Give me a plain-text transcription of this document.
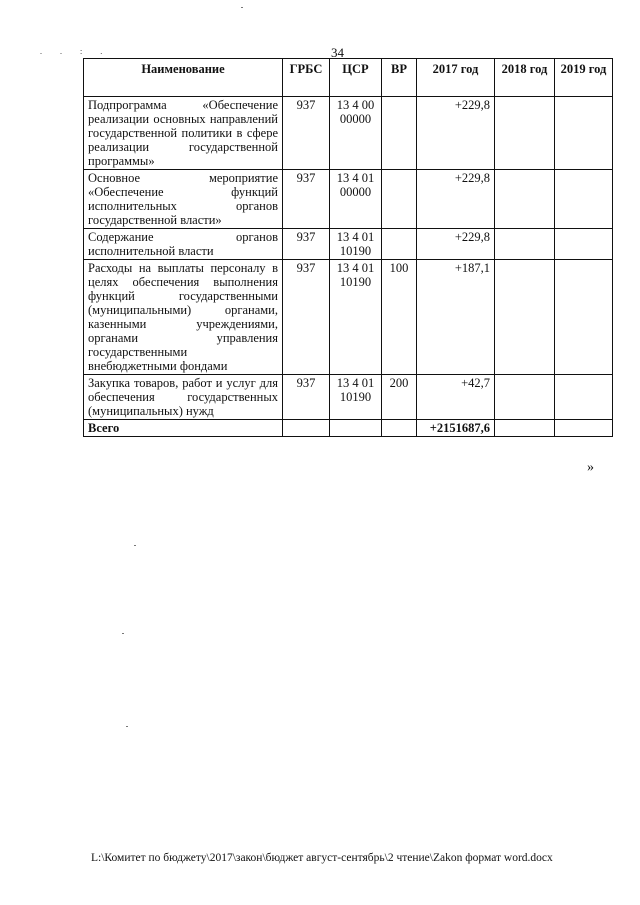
34
. . : .
Наименование	ГРБС	ЦСР	ВР	2017 год	2018 год	2019 год
Подпрограмма «Обеспечение реализации основных направлений государственной политики в сфере реализации государственной программы»	937	13 4 00 00000		+229,8		
Основное мероприятие «Обеспечение функций исполнительных органов государственной власти»	937	13 4 01 00000		+229,8		
Содержание органов исполнительной власти	937	13 4 01 10190		+229,8		
Расходы на выплаты персоналу в целях обеспечения выполнения функций государственными (муниципальными) органами, казенными учреждениями, органами управления государственными внебюджетными фондами	937	13 4 01 10190	100	+187,1		
Закупка товаров, работ и услуг для обеспечения государственных (муниципальных) нужд	937	13 4 01 10190	200	+42,7		
Всего				+2151687,6		
»
L:\Комитет по бюджету\2017\закон\бюджет август-сентябрь\2 чтение\Zakon формат word.docx
